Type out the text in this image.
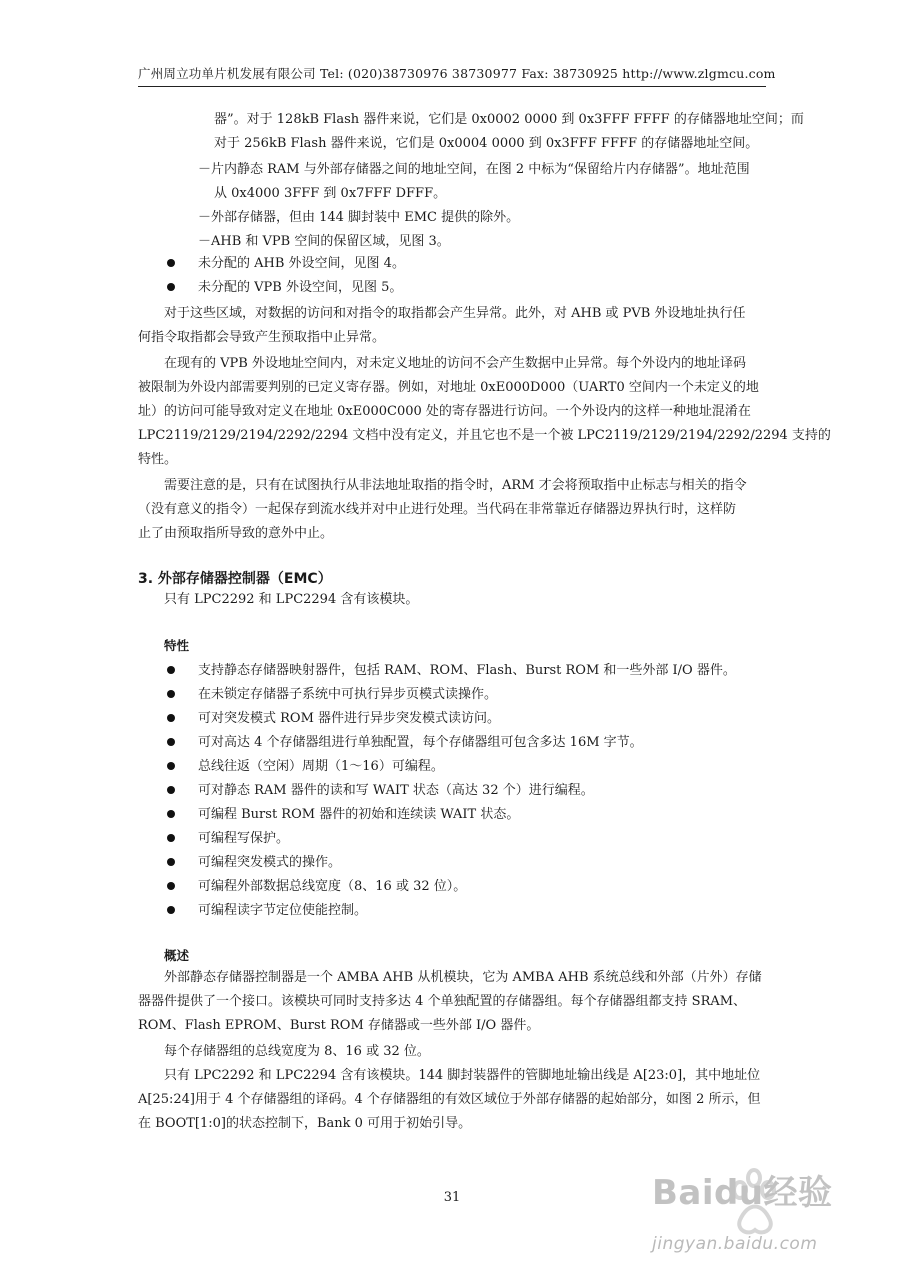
广州周立功单片机发展有限公司 Tel: (020)38730976 38730977 Fax: 38730925 http://www.zlgmcu.com
器”。对于 128kB Flash 器件来说，它们是 0x0002 0000 到 0x3FFF FFFF 的存储器地址空间；而
对于 256kB Flash 器件来说，它们是 0x0004 0000 到 0x3FFF FFFF 的存储器地址空间。
－片内静态 RAM 与外部存储器之间的地址空间，在图 2 中标为“保留给片内存储器”。地址范围
从 0x4000 3FFF 到 0x7FFF DFFF。
－外部存储器，但由 144 脚封装中 EMC 提供的除外。
－AHB 和 VPB 空间的保留区域，见图 3。
未分配的 AHB 外设空间，见图 4。
未分配的 VPB 外设空间，见图 5。
对于这些区域，对数据的访问和对指令的取指都会产生异常。此外，对 AHB 或 PVB 外设地址执行任
何指令取指都会导致产生预取指中止异常。
在现有的 VPB 外设地址空间内，对未定义地址的访问不会产生数据中止异常。每个外设内的地址译码
被限制为外设内部需要判别的已定义寄存器。例如，对地址 0xE000D000（UART0 空间内一个未定义的地
址）的访问可能导致对定义在地址 0xE000C000 处的寄存器进行访问。一个外设内的这样一种地址混淆在
LPC2119/2129/2194/2292/2294 文档中没有定义，并且它也不是一个被 LPC2119/2129/2194/2292/2294 支持的
特性。
需要注意的是，只有在试图执行从非法地址取指的指令时，ARM 才会将预取指中止标志与相关的指令
（没有意义的指令）一起保存到流水线并对中止进行处理。当代码在非常靠近存储器边界执行时，这样防
止了由预取指所导致的意外中止。
3. 外部存储器控制器（EMC）
只有 LPC2292 和 LPC2294 含有该模块。
特性
支持静态存储器映射器件，包括 RAM、ROM、Flash、Burst ROM 和一些外部 I/O 器件。
在未锁定存储器子系统中可执行异步页模式读操作。
可对突发模式 ROM 器件进行异步突发模式读访问。
可对高达 4 个存储器组进行单独配置，每个存储器组可包含多达 16M 字节。
总线往返（空闲）周期（1～16）可编程。
可对静态 RAM 器件的读和写 WAIT 状态（高达 32 个）进行编程。
可编程 Burst ROM 器件的初始和连续读 WAIT 状态。
可编程写保护。
可编程突发模式的操作。
可编程外部数据总线宽度（8、16 或 32 位）。
可编程读字节定位使能控制。
概述
外部静态存储器控制器是一个 AMBA AHB 从机模块，它为 AMBA AHB 系统总线和外部（片外）存储
器器件提供了一个接口。该模块可同时支持多达 4 个单独配置的存储器组。每个存储器组都支持 SRAM、
ROM、Flash EPROM、Burst ROM 存储器或一些外部 I/O 器件。
每个存储器组的总线宽度为 8、16 或 32 位。
只有 LPC2292 和 LPC2294 含有该模块。144 脚封装器件的管脚地址输出线是 A[23:0]，其中地址位
A[25:24]用于 4 个存储器组的译码。4 个存储器组的有效区域位于外部存储器的起始部分，如图 2 所示，但
在 BOOT[1:0]的状态控制下，Bank 0 可用于初始引导。
31	Baidu经验
jingyan.baidu.com
